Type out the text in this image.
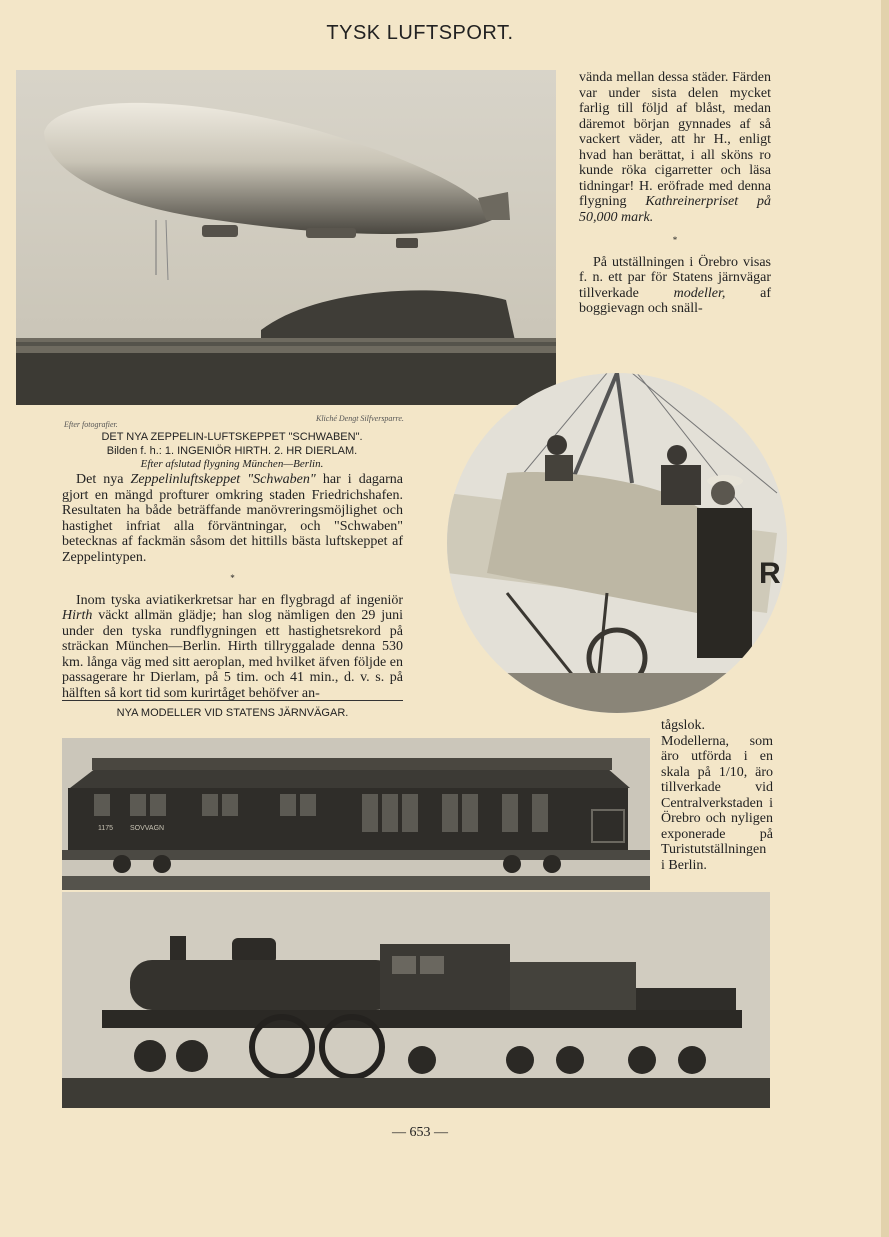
TYSK LUFTSPORT.
Efter fotografier.
Kliché Dengt Silfversparre.
DET NYA ZEPPELIN-LUFTSKEPPET "SCHWABEN".
Bilden f. h.: 1. INGENIÖR HIRTH. 2. HR DIERLAM.
Efter afslutad flygning München—Berlin.

vända mellan dessa städer. Färden var under sista delen mycket farlig till följd af blåst, medan däremot början gynnades af så vackert väder, att hr H., enligt hvad han berättat, i all sköns ro kunde röka cigarretter och läsa tidningar! H. eröfrade med denna flygning Kathreinerpriset på 50,000 mark.

*

På utställningen i Örebro visas f. n. ett par för Statens järnvägar tillverkade modeller, af boggievagn och snäll-

R

Det nya Zeppelinluftskeppet "Schwaben" har i dagarna gjort en mängd profturer omkring staden Friedrichshafen. Resultaten ha både beträffande manövreringsmöjlighet och hastighet infriat alla förväntningar, och "Schwaben" betecknas af fackmän såsom det hittills bästa luftskeppet af Zeppelintypen.

*

Inom tyska aviatikerkretsar har en flygbragd af ingeniör Hirth väckt allmän glädje; han slog nämligen den 29 juni under den tyska rundflygningen ett hastighetsrekord på sträckan München—Berlin. Hirth tillryggalade denna 530 km. långa väg med sitt aeroplan, med hvilket äfven följde en passagerare hr Dierlam, på 5 tim. och 41 min., d. v. s. på hälften så kort tid som kurirtåget behöfver an-

NYA MODELLER VID STATENS JÄRNVÄGAR.
1175 SOVVAGN

tågslok. Modellerna, som äro utförda i en skala på 1/10, äro tillverkade vid Centralverkstaden i Örebro och nyligen exponerade på Turistutställningen i Berlin.

— 653 —
